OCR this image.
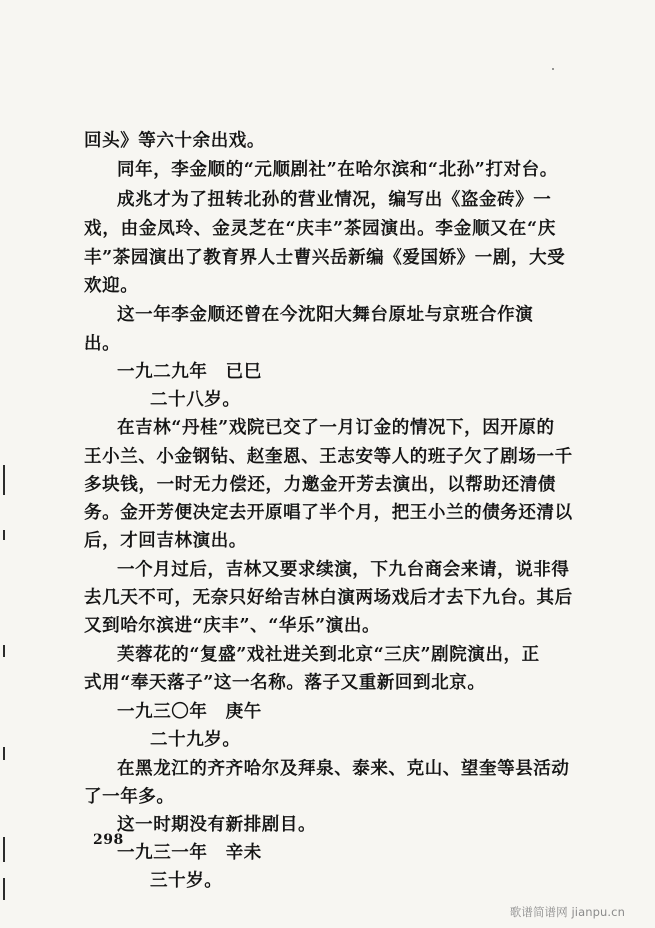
回头》等六十余出戏。
同年，李金顺的“元顺剧社”在哈尔滨和“北孙”打对台。
成兆才为了扭转北孙的营业情况，编写出《盗金砖》一
戏，由金凤玲、金灵芝在“庆丰”茶园演出。李金顺又在“庆
丰”茶园演出了教育界人士曹兴岳新编《爱国娇》一剧，大受
欢迎。
这一年李金顺还曾在今沈阳大舞台原址与京班合作演
出。
一九二九年　已巳
二十八岁。
在吉林“丹桂”戏院已交了一月订金的情况下，因开原的
王小兰、小金钢钻、赵奎恩、王志安等人的班子欠了剧场一千
多块钱，一时无力偿还，力邀金开芳去演出，以帮助还清债
务。金开芳便决定去开原唱了半个月，把王小兰的债务还清以
后，才回吉林演出。
一个月过后，吉林又要求续演，下九台商会来请，说非得
去几天不可，无奈只好给吉林白演两场戏后才去下九台。其后
又到哈尔滨进“庆丰”、“华乐”演出。
芙蓉花的“复盛”戏社进关到北京“三庆”剧院演出，正
式用“奉天落子”这一名称。落子又重新回到北京。
一九三〇年　庚午
二十九岁。
在黑龙江的齐齐哈尔及拜泉、泰来、克山、望奎等县活动
了一年多。
这一时期没有新排剧目。
一九三一年　辛未
三十岁。
298
歌谱简谱网 jianpu.cn
